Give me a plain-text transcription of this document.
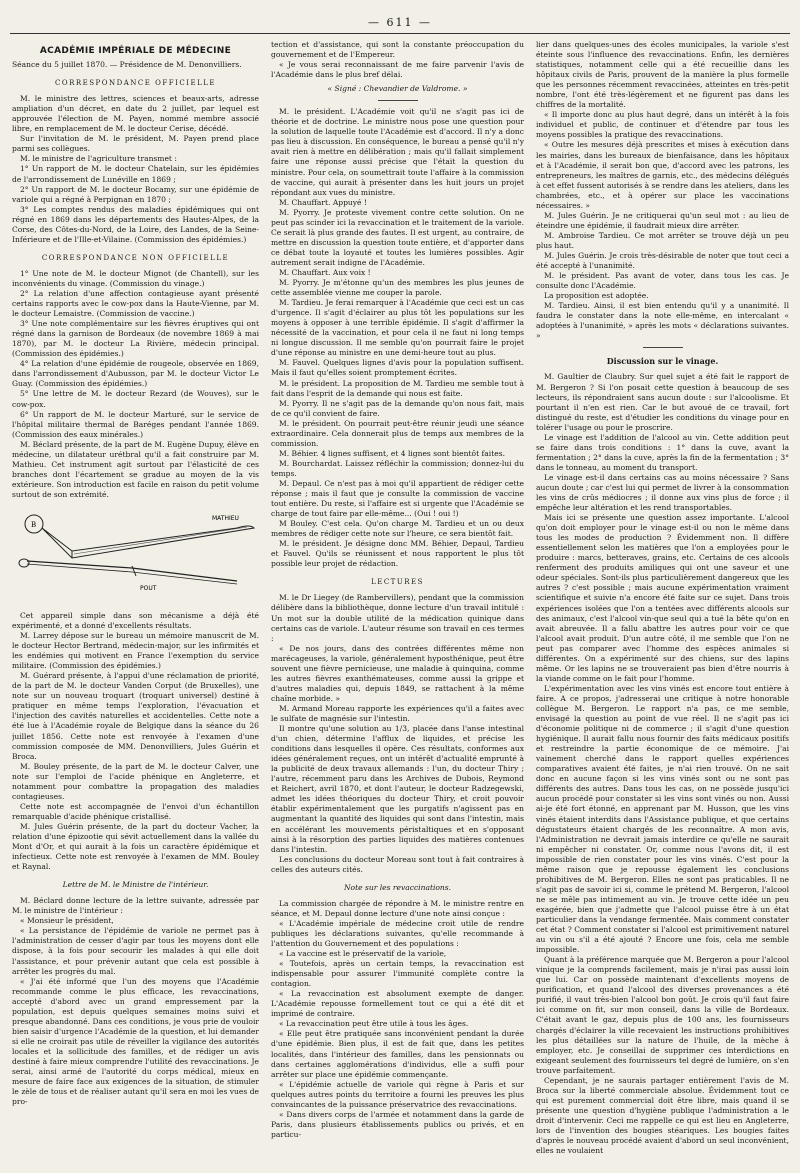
— 611 —
ACADÉMIE IMPÉRIALE DE MÉDECINE

Séance du 5 juillet 1870. — Présidence de M. Denonvilliers.

CORRESPONDANCE OFFICIELLE

M. le ministre des lettres, sciences et beaux-arts, adresse ampliation d'un décret, en date du 2 juillet, par lequel est approuvée l'élection de M. Payen, nommé membre associé libre, en remplacement de M. le docteur Cerise, décédé.

Sur l'invitation de M. le président, M. Payen prend place parmi ses collègues.

M. le ministre de l'agriculture transmet :

1° Un rapport de M. le docteur Chatelain, sur les épidémies de l'arrondissement de Lunéville en 1869 ;

2° Un rapport de M. le docteur Bocamy, sur une épidémie de variole qui a régné à Perpignan en 1870 ;

3° Les comptes rendus des maladies épidémiques qui ont régné en 1869 dans les départements des Hautes-Alpes, de la Corse, des Côtes-du-Nord, de la Loire, des Landes, de la Seine-Inférieure et de l'Ille-et-Vilaine. (Commission des épidémies.)

CORRESPONDANCE NON OFFICIELLE

1° Une note de M. le docteur Mignot (de Chantell), sur les inconvénients du vinage. (Commission du vinage.)

2° La relation d'une affection contagieuse ayant présenté certains rapports avec le cow-pox dans la Haute-Vienne, par M. le docteur Lemaistre. (Commission de vaccine.)

3° Une note complémentaire sur les fièvres éruptives qui ont régné dans la garnison de Bordeaux (de novembre 1869 à mai 1870), par M. le docteur La Rivière, médecin principal. (Commission des épidémies.)

4° La relation d'une épidémie de rougeole, observée en 1869, dans l'arrondissement d'Aubusson, par M. le docteur Victor Le Guay. (Commission des épidémies.)

5° Une lettre de M. le docteur Rezard (de Wouves), sur le cow-pox.

6° Un rapport de M. le docteur Marturé, sur le service de l'hôpital militaire thermal de Baréges pendant l'année 1869. (Commission des eaux minérales.)

M. Béclard présente, de la part de M. Eugène Dupuy, élève en médecine, un dilatateur urétbral qu'il a fait construire par M. Mathieu. Cet instrument agit surtout par l'élasticité de ces branches dont l'écartement se gradue au moyen de la vis extérieure. Son introduction est facile en raison du petit volume surtout de son extrémité.

B
MATHIEU
POUT

Cet appareil simple dans son mécanisme a déjà été expérimenté, et a donné d'excellents résultats.

M. Larrey dépose sur le bureau un mémoire manuscrit de M. le docteur Hector Bertrand, médecin-major, sur les infirmités et les endémies qui motivent en France l'exemption du service militaire. (Commission des épidémies.)

M. Guérard présente, à l'appui d'une réclamation de priorité, de la part de M. le docteur Vanden Corput (de Bruxelles), une note sur un nouveau troquart (troquart universel) destiné à pratiquer en même temps l'exploration, l'évacuation et l'injection des cavités naturelles et accidentelles. Cette note a été lue à l'Académie royale de Belgique dans la séance du 26 juillet 1856. Cette note est renvoyée à l'examen d'une commission composée de MM. Denonvilliers, Jules Guérin et Broca.

M. Bouley présente, de la part de M. le docteur Calver, une note sur l'emploi de l'acide phénique en Angleterre, et notamment pour combattre la propagation des maladies contagieuses.

Cette note est accompagnée de l'envoi d'un échantillon remarquable d'acide phénique cristallisé.

M. Jules Guérin présente, de la part du docteur Vacher, la relation d'une épizootie qui sévit actuellement dans la vallée du Mont d'Or, et qui aurait à la fois un caractère épidémique et infectieux. Cette note est renvoyée à l'examen de MM. Bouley et Raynal.

Lettre de M. le Ministre de l'intérieur.

M. Béclard donne lecture de la lettre suivante, adressée par M. le ministre de l'intérieur :

« Monsieur le président,

« La persistance de l'épidémie de variole ne permet pas à l'administration de cesser d'agir par tous les moyens dont elle dispose, à la fois pour secourir les malades à qui elle doit l'assistance, et pour prévenir autant que cela est possible à arrêter les progrès du mal.

« J'ai été informé que l'un des moyens que l'Académie recommande comme le plus efficace, les revaccinations, accepté d'abord avec un grand empressement par la population, est depuis quelques semaines moins suivi et presque abandonné. Dans ces conditions, je vous prie de vouloir bien saisir d'urgence l'Académie de la question, et lui demander si elle ne croirait pas utile de réveiller la vigilance des autorités locales et la sollicitude des familles, et de rédiger un avis destiné à faire mieux comprendre l'utilité des revaccinations. Je serai, ainsi armé de l'autorité du corps médical, mieux en mesure de faire face aux exigences de la situation, de stimuler le zèle de tous et de réaliser autant qu'il sera en moi les vues de pro-

tection et d'assistance, qui sont la constante préoccupation du gouvernement et de l'Empereur.

« Je vous serai reconnaissant de me faire parvenir l'avis de l'Académie dans le plus bref délai.

« Signé : Chevandier de Valdrome. »

M. le président. L'Académie voit qu'il ne s'agit pas ici de théorie et de doctrine. Le ministre nous pose une question pour la solution de laquelle toute l'Académie est d'accord. Il n'y a donc pas lieu à discussion. En conséquence, le bureau a pensé qu'il n'y avait rien à mettre en délibération ; mais qu'il fallait simplement faire une réponse aussi précise que l'était la question du ministre. Pour cela, on soumettrait toute l'affaire à la commission de vaccine, qui aurait à présenter dans les huit jours un projet répondant aux vues du ministre.

M. Chauffart. Appuyé !

M. Pyorry. Je proteste vivement contre cette solution. On ne peut pas scinder ici la revaccination et le traitement de la variole. Ce serait là plus grande des fautes. Il est urgent, au contraire, de mettre en discussion la question toute entière, et d'apporter dans ce débat toute la loyauté et toutes les lumières possibles. Agir autrement serait indigne de l'Académie.

M. Chauffart. Aux voix !

M. Pyorry. Je m'étonne qu'un des membres les plus jeunes de cette assemblée vienne me couper la parole.

M. Tardieu. Je ferai remarquer à l'Académie que ceci est un cas d'urgence. Il s'agit d'éclairer au plus tôt les populations sur les moyens à opposer à une terrible épidémie. Il s'agit d'affirmer la nécessité de la vaccination, et pour cela il ne faut ni long temps ni longue discussion. Il me semble qu'on pourrait faire le projet d'une réponse au ministre en une demi-heure tout au plus.

M. Fauvel. Quelques lignes d'avis pour la population suffisent. Mais il faut qu'elles soient promptement écrites.

M. le président. La proposition de M. Tardieu me semble tout à fait dans l'esprit de la demande qui nous est faite.

M. Pyorry. Il ne s'agit pas de la demande qu'on nous fait, mais de ce qu'il convient de faire.

M. le président. On pourrait peut-être réunir jeudi une séance extraordinaire. Cela donnerait plus de temps aux membres de la commission.

M. Béhier. 4 lignes suffisent, et 4 lignes sont bientôt faites.

M. Bourchardat. Laissez réfléchir la commission; donnez-lui du temps.

M. Depaul. Ce n'est pas à moi qu'il appartient de rédiger cette réponse ; mais il faut que je consulte la commission de vaccine tout entière. Du reste, si l'affaire est si urgente que l'Académie se charge de tout faire par elle-même... (Oui ! oui !)

M Bouley. C'est cela. Qu'on charge M. Tardieu et un ou deux membres de rédiger cette note sur l'heure, ce sera bientôt fait.

M. le président. Je désigne donc MM. Béhier, Depaul, Tardieu et Fauvel. Qu'ils se réunissent et nous rapportent le plus tôt possible leur projet de rédaction.

LECTURES

M. le Dr Liegey (de Rambervillers), pendant que la commission délibère dans la bibliothèque, donne lecture d'un travail intitulé : Un mot sur la double utilité de la médication quinique dans certains cas de variole. L'auteur résume son travail en ces termes :

« De nos jours, dans des contrées différentes même non marécageuses, la variole, généralement hyposthénique, peut être souvent une fièvre pernicieuse, une maladie à quinquina, comme les autres fièvres exanthémateuses, comme aussi la grippe et d'autres maladies qui, depuis 1849, se rattachent à la même chaîne morbide. »

M. Armand Moreau rapporte les expériences qu'il a faites avec le sulfate de magnésie sur l'intestin.

Il montre qu'une solution au 1/3, placée dans l'anse intestinal d'un chien, détermine l'afflux de liquides, et précise les conditions dans lesquelles il opère. Ces résultats, conformes aux idées généralement reçues, ont un intérêt d'actualité emprunté à la publicité de deux travaux allemands : l'un, du docteur Thiry ; l'autre, récemment paru dans les Archives de Dubois, Reymond et Reichert, avril 1870, et dont l'auteur, le docteur Radzegewski, admet les idées théoriques du docteur Thiry, et croit pouvoir établir expérimentalement que les purgatifs n'agissent pas en augmentant la quantité des liquides qui sont dans l'intestin, mais en accélérant les mouvements péristaltiques et en s'opposant ainsi à la résorption des parties liquides des matières contenues dans l'intestin.

Les conclusions du docteur Moreau sont tout à fait contraires à celles des auteurs cités.

Note sur les revaccinations.

La commission chargée de répondre à M. le ministre rentre en séance, et M. Depaul donne lecture d'une note ainsi conçue :

« L'Académie impériale de médecine croit utile de rendre publiques les déclarations suivantes, qu'elle recommande à l'attention du Gouvernement et des populations :

« La vaccine est le préservatif de la variole,

« Toutefois, après un certain temps, la revaccination est indispensable pour assurer l'immunité complète contre la contagion.

« La revaccination est absolument exempte de danger. L'Académie repousse formellement tout ce qui a été dit et imprimé de contraire.

« La revaccination peut être utile à tous les âges.

« Elle peut être pratiquée sans inconvénient pendant la durée d'une épidémie. Bien plus, il est de fait que, dans les petites localités, dans l'intérieur des familles, dans les pensionnats ou dans certaines agglomérations d'individus, elle a suffi pour arrêter sur place une épidémie commençante.

« L'épidémie actuelle de variole qui règne à Paris et sur quelques autres points du territoire a fourni les preuves les plus convaincantes de la puissance préservatrice des revaccinations.

« Dans divers corps de l'armée et notamment dans la garde de Paris, dans plusieurs établissements publics ou privés, et en particu-

lier dans quelques-unes des écoles municipales, la variole s'est éteinte sous l'influence des revaccinations. Enfin, les dernières statistiques, notamment celle qui a été recueillie dans les hôpitaux civils de Paris, prouvent de la manière la plus formelle que les personnes récemment revaccinées, atteintes en très-petit nombre, l'ont été très-légèrement et ne figurent pas dans les chiffres de la mortalité.

« Il importe donc au plus haut degré, dans un intérêt à la fois individuel et public, de continuer et d'étendre par tous les moyens possibles la pratique des revaccinations.

« Outre les mesures déjà prescrites et mises à exécution dans les mairies, dans les bureaux de bienfaisance, dans les hôpitaux et à l'Académie, il serait bon que, d'accord avec les patrons, les entrepreneurs, les maîtres de garnis, etc., des médecins délégués à cet effet fussent autorisés à se rendre dans les ateliers, dans les chambrées, etc., et à opérer sur place les vaccinations nécessaires. »

M. Jules Guérin. Je ne critiquerai qu'un seul mot : au lieu de éteindre une épidémie, il faudrait mieux dire arrêter.

M. Ambroise Tardieu. Ce mot arrêter se trouve déjà un peu plus haut.

M. Jules Guérin. Je crois très-désirable de noter que tout ceci a été accepté à l'unanimité.

M. le président. Pas avant de voter, dans tous les cas. Je consulte donc l'Académie.

La proposition est adoptée.

M. Tardieu. Ainsi, il est bien entendu qu'il y a unanimité. Il faudra le constater dans la note elle-même, en intercalant « adoptées à l'unanimité, » après les mots « déclarations suivantes. »

Discussion sur le vinage.

M. Gaultier de Claubry. Sur quel sujet a été fait le rapport de M. Bergeron ? Si l'on posait cette question à beaucoup de ses lecteurs, ils répondraient sans aucun doute : sur l'alcoolisme. Et pourtant il n'en est rien. Car le but avoué de ce travail, fort distingué du reste, est d'étudier les conditions du vinage pour en tolérer l'usage ou pour le proscrire.

Le vinage est l'addition de l'alcool au vin. Cette addition peut se faire dans trois conditions : 1° dans la cuve, avant la fermentation ; 2° dans la cuve, après la fin de la fermentation ; 3° dans le tonneau, au moment du transport.

Le vinage est-il dans certains cas au moins nécessaire ? Sans aucun doute ; car c'est lui qui permet de livrer à la consommation les vins de crûs médiocres ; il donne aux vins plus de force ; il empêche leur altération et les rend transportables.

Mais ici se présente une question assez importante. L'alcool qu'on doit employer pour le vinage est-il ou non le même dans tous les modes de production ? Évidemment non. Il diffère essentiellement selon les matières que l'on a employées pour le produire : marcs, betteraves, grains, etc. Certains de ces alcools renferment des produits amiliques qui ont une saveur et une odeur spéciales. Sont-ils plus particulièrement dangereux que les autres ? c'est possible ; mais aucune expérimentation vraiment scientifique et suivie n'a encore été faite sur ce sujet. Dans trois expériences isolées que l'on a tentées avec différents alcools sur des animaux, c'est l'alcool vin-que seul qui a tué la bête qu'on en avait abreuvée. Il a fallu abattre les autres pour voir ce que l'alcool avait produit. D'un autre côté, il me semble que l'on ne peut pas comparer avec l'homme des espèces animales si différentes. On a expérimenté sur des chiens, sur des lapins même. Or les lapins ne se trouveraient pas bien d'être nourris à la viande comme on le fait pour l'homme.

L'expérimentation avec les vins vinés est encore tout entière à faire. A ce propos, j'adresserai une critique à notre honorable collègue M. Bergeron. Le rapport n'a pas, ce me semble, envisagé la question au point de vue réel. Il ne s'agit pas ici d'économie politique ni de commerce ; il s'agit d'une question hygiénique. Il aurait fallu nous fournir des faits médicaux positifs et restreindre la partie économique de ce mémoire. J'ai vainement cherché dans le rapport quelles expériences comparatives avaient été faites, je n'ai rien trouvé. On ne sait donc en aucune façon si les vins vinés sont ou ne sont pas différents des autres. Dans tous les cas, on ne possède jusqu'ici aucun procédé pour constater si les vins sont vinés ou non. Aussi ai-je été fort étonné, en apprenant par M. Husson, que les vins vinés étaient interdits dans l'Assistance publique, et que certains dégustateurs étaient chargés de les reconnaître. A mon avis, l'Administration ne devrait jamais interdire ce qu'elle ne saurait ni empêcher ni constater. Or, comme nous l'avons dit, il est impossible de rien constater pour les vins vinés. C'est pour la même raison que je repousse également les conclusions prohibitives de M. Bergeron. Elles ne sont pas praticables. Il ne s'agit pas de savoir ici si, comme le prétend M. Bergeron, l'alcool ne se mêle pas intimement au vin. Je trouve cette idée un peu exagérée, bien que j'admette que l'alcool puisse être à un état particulier dans la vendange fermentée. Mais comment constater cet état ? Comment constater si l'alcool est primitivement naturel au vin ou s'il a été ajouté ? Encore une fois, cela me semble impossible.

Quant à la préférence marquée que M. Bergeron a pour l'alcool vinique je la comprends facilement, mais je n'irai pas aussi loin que lui. Car on possède maintenant d'excellents moyens de purification, et quand l'alcool des diverses provenances a été purifié, il vaut très-bien l'alcool bon goût. Je crois qu'il faut faire ici comme on fit, sur mon conseil, dans la ville de Bordeaux. C'était avant le gaz, depuis plus de 100 ans, les fournisseurs chargés d'éclairer la ville recevaient les instructions prohibitives les plus détaillées sur la nature de l'huile, de la mèche à employer, etc. Je conseillai de supprimer ces interdictions en exigeant seulement des fournisseurs tel degré de lumière, on s'en trouve parfaitement.

Cependant, je ne saurais partager entièrement l'avis de M. Broca sur la liberté commerciale absolue. Évidemment tout ce qui est purement commercial doit être libre, mais quand il se présente une question d'hygiène publique l'administration a le droit d'intervenir. Ceci me rappelle ce qui est lieu en Angleterre, lors de l'invention des bougies stéariques. Les bougies faites d'après le nouveau procédé avaient d'abord un seul inconvénient, elles ne voulaient
